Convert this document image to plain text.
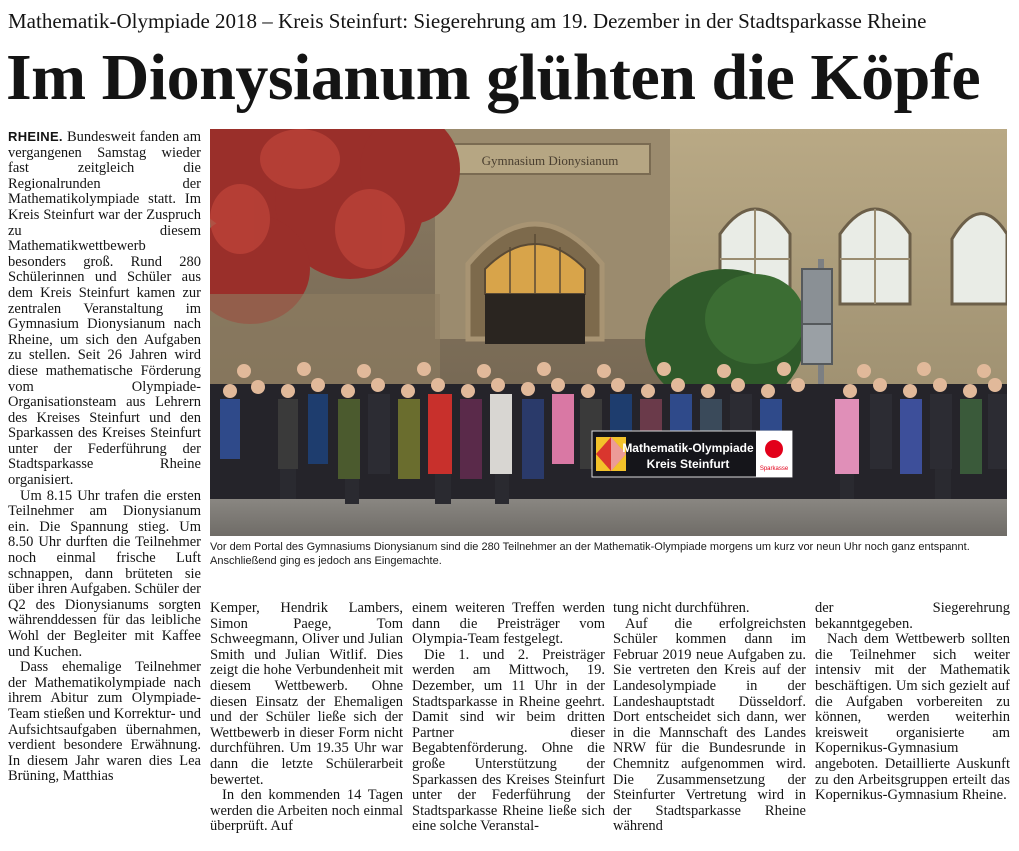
Mathematik-Olympiade 2018 – Kreis Steinfurt: Siegerehrung am 19. Dezember in der Stadtsparkasse Rheine
Im Dionysianum glühten die Köpfe

RHEINE. Bundesweit fanden am vergangenen Samstag wieder fast zeitgleich die Regionalrunden der Mathematikolympiade statt. Im Kreis Steinfurt war der Zuspruch zu diesem Mathematikwettbewerb besonders groß. Rund 280 Schülerinnen und Schüler aus dem Kreis Steinfurt kamen zur zentralen Veranstaltung im Gymnasium Dionysianum nach Rheine, um sich den Aufgaben zu stellen. Seit 26 Jahren wird diese mathematische Förderung vom Olympiade-Organisationsteam aus Lehrern des Kreises Steinfurt und den Sparkassen des Kreises Steinfurt unter der Federführung der Stadtsparkasse Rheine organisiert.

Um 8.15 Uhr trafen die ersten Teilnehmer am Dionysianum ein. Die Spannung stieg. Um 8.50 Uhr durften die Teilnehmer noch einmal frische Luft schnappen, dann brüteten sie über ihren Aufgaben. Schüler der Q2 des Dionysianums sorgten währenddessen für das leibliche Wohl der Begleiter mit Kaffee und Kuchen.

Dass ehemalige Teilnehmer der Mathematikolympiade nach ihrem Abitur zum Olympiade-Team stießen und Korrektur- und Aufsichtsaufgaben übernahmen, verdient besondere Erwähnung. In diesem Jahr waren dies Lea Brüning, Matthias

Gymnasium Dionysianum
Mathematik-Olympiade
Kreis Steinfurt	Sparkasse
Vor dem Portal des Gymnasiums Dionysianum sind die 280 Teilnehmer an der Mathematik-Olympiade morgens um kurz vor neun Uhr noch ganz entspannt. Anschließend ging es jedoch ans Eingemachte.

Kemper, Hendrik Lambers, Simon Paege, Tom Schweegmann, Oliver und Julian Smith und Julian Witlif. Dies zeigt die hohe Verbundenheit mit diesem Wettbewerb. Ohne diesen Einsatz der Ehemaligen und der Schüler ließe sich der Wettbewerb in dieser Form nicht durchführen. Um 19.35 Uhr war dann die letzte Schülerarbeit bewertet.

In den kommenden 14 Tagen werden die Arbeiten noch einmal überprüft. Auf

einem weiteren Treffen werden dann die Preisträger vom Olympia-Team festgelegt.

Die 1. und 2. Preisträger werden am Mittwoch, 19. Dezember, um 11 Uhr in der Stadtsparkasse in Rheine geehrt. Damit sind wir beim dritten Partner dieser Begabtenförderung. Ohne die große Unterstützung der Sparkassen des Kreises Steinfurt unter der Federführung der Stadtsparkasse Rheine ließe sich eine solche Veranstal-

tung nicht durchführen.

Auf die erfolgreichsten Schüler kommen dann im Februar 2019 neue Aufgaben zu. Sie vertreten den Kreis auf der Landesolympiade in der Landeshauptstadt Düsseldorf. Dort entscheidet sich dann, wer in die Mannschaft des Landes NRW für die Bundesrunde in Chemnitz aufgenommen wird. Die Zusammensetzung der Steinfurter Vertretung wird in der Stadtsparkasse Rheine während

der Siegerehrung bekanntgegeben.

Nach dem Wettbewerb sollten die Teilnehmer sich weiter intensiv mit der Mathematik beschäftigen. Um sich gezielt auf die Aufgaben vorbereiten zu können, werden weiterhin kreisweit organisierte am Kopernikus-Gymnasium angeboten. Detaillierte Auskunft zu den Arbeitsgruppen erteilt das Kopernikus-Gymnasium Rheine.
